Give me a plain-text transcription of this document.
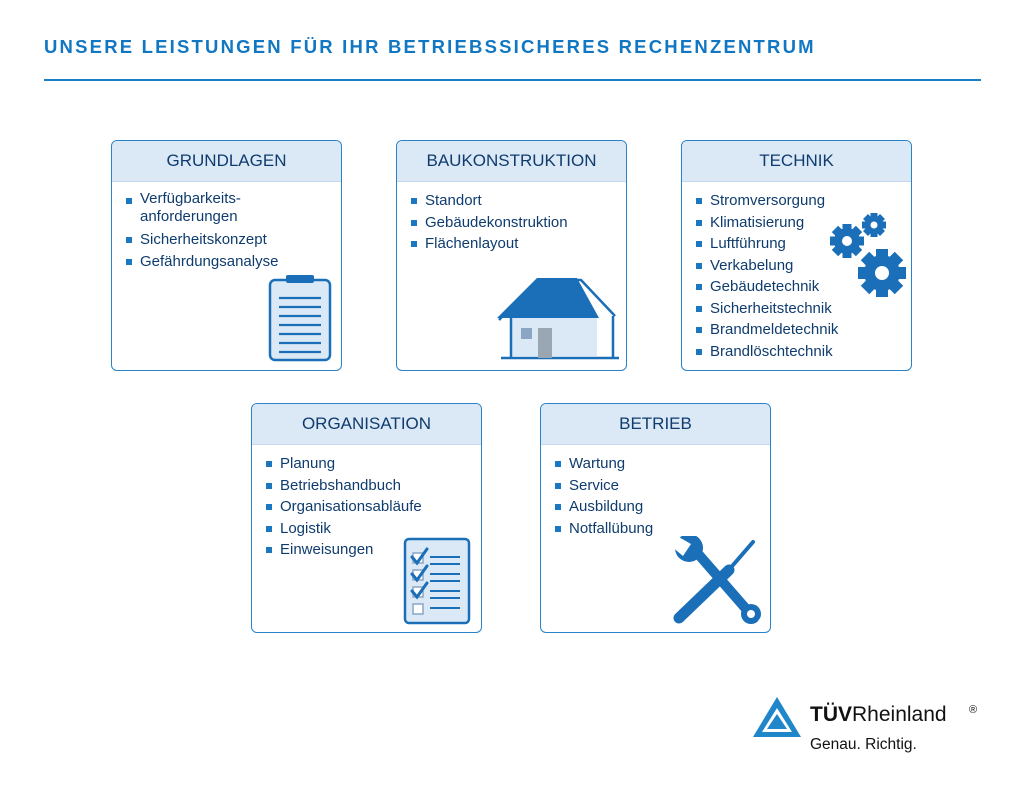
UNSERE LEISTUNGEN FÜR IHR BETRIEBSSICHERES RECHENZENTRUM
GRUNDLAGEN
Verfügbarkeits-
anforderungen
Sicherheitskonzept
Gefährdungsanalyse
BAUKONSTRUKTION
Standort
Gebäudekonstruktion
Flächenlayout
TECHNIK
Stromversorgung
Klimatisierung
Luftführung
Verkabelung
Gebäudetechnik
Sicherheitstechnik
Brandmeldetechnik
Brandlöschtechnik
ORGANISATION
Planung
Betriebshandbuch
Organisationsabläufe
Logistik
Einweisungen
BETRIEB
Wartung
Service
Ausbildung
Notfallübung
TÜVRheinland ®
Genau. Richtig.
